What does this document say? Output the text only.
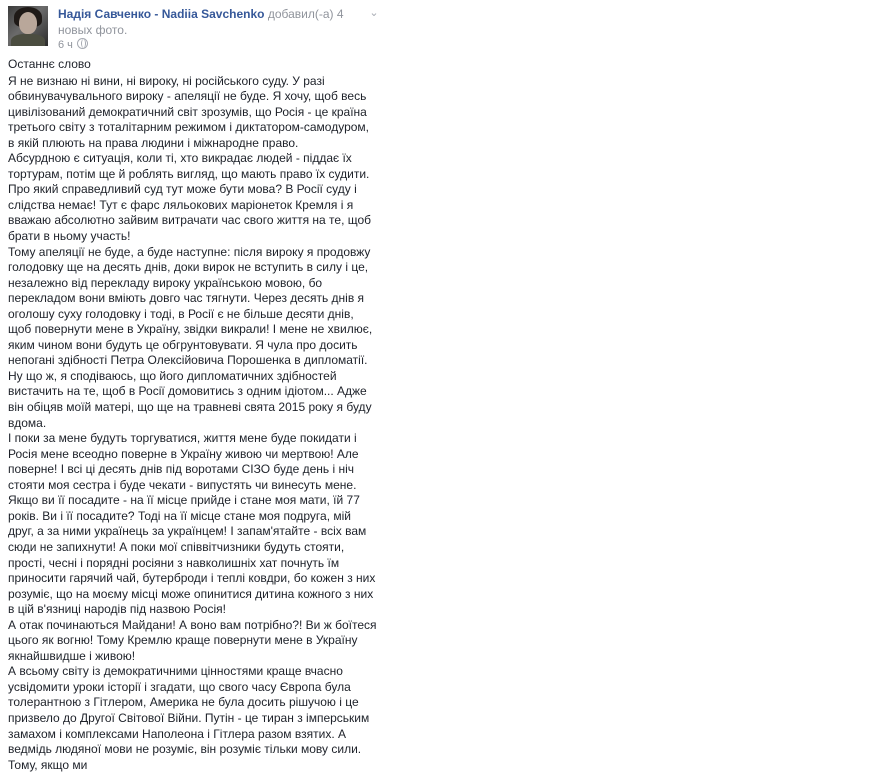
Надія Савченко - Nadiia Savchenko добавил(-а) 4 новых фото.
6 ч
⌄

Останнє слово

Я не визнаю ні вини, ні вироку, ні російського суду. У разі обвинувачувального вироку - апеляції не буде. Я хочу, щоб весь цивілізований демократичний світ зрозумів, що Росія - це країна третього світу з тоталітарним режимом і диктатором-самодуром, в якій плюють на права людини і міжнародне право.

Абсурдною є ситуація, коли ті, хто викрадає людей - піддає їх тортурам, потім ще й роблять вигляд, що мають право їх судити. Про який справедливий суд тут може бути мова? В Росії суду і слідства немає! Тут є фарс ляльокових маріонеток Кремля і я вважаю абсолютно зайвим витрачати час свого життя на те, щоб брати в ньому участь!

Тому апеляції не буде, а буде наступне: після вироку я продовжу голодовку ще на десять днів, доки вирок не вступить в силу і це, незалежно від перекладу вироку українською мовою, бо перекладом вони вміють довго час тягнути. Через десять днів я оголошу суху голодовку і тоді, в Росії є не більше десяти днів, щоб повернути мене в Україну, звідки викрали! І мене не хвилює, яким чином вони будуть це обгрунтовувати. Я чула про досить непогані здібності Петра Олексійовича Порошенка в дипломатії. Ну що ж, я сподіваюсь, що його дипломатичних здібностей вистачить на те, щоб в Росії домовитись з одним ідіотом... Адже він обіцяв моїй матері, що ще на травневі свята 2015 року я буду вдома.

І поки за мене будуть торгуватися, життя мене буде покидати і Росія мене всеодно поверне в Україну живою чи мертвою! Але поверне! І всі ці десять днів під воротами СІЗО буде день і ніч стояти моя сестра і буде чекати - випустять чи винесуть мене. Якщо ви її посадите - на її місце прийде і стане моя мати, їй 77 років. Ви і її посадите? Тоді на її місце стане моя подруга, мій друг, а за ними українець за українцем! І запам'ятайте - всіх вам сюди не запихнути! А поки мої співвітчизники будуть стояти, прості, чесні і порядні росіяни з навколишніх хат почнуть їм приносити гарячий чай, бутерброди і теплі ковдри, бо кожен з них розуміє, що на моєму місці може опинитися дитина кожного з них в цій в'язниці народів під назвою Росія!

А отак починаються Майдани! А воно вам потрібно?! Ви ж боїтеся цього як вогню! Тому Кремлю краще повернути мене в Україну якнайшвидше і живою!

А всьому світу із демократичними цінностями краще вчасно усвідомити уроки історії і згадати, що свого часу Європа була толерантною з Гітлером, Америка не була досить рішучою і це призвело до Другої Світової Війни. Путін - це тиран з імперським замахом і комплексами Наполеона і Гітлера разом взятих. А ведмідь людяної мови не розуміє, він розуміє тільки мову сили. Тому, якщо ми
